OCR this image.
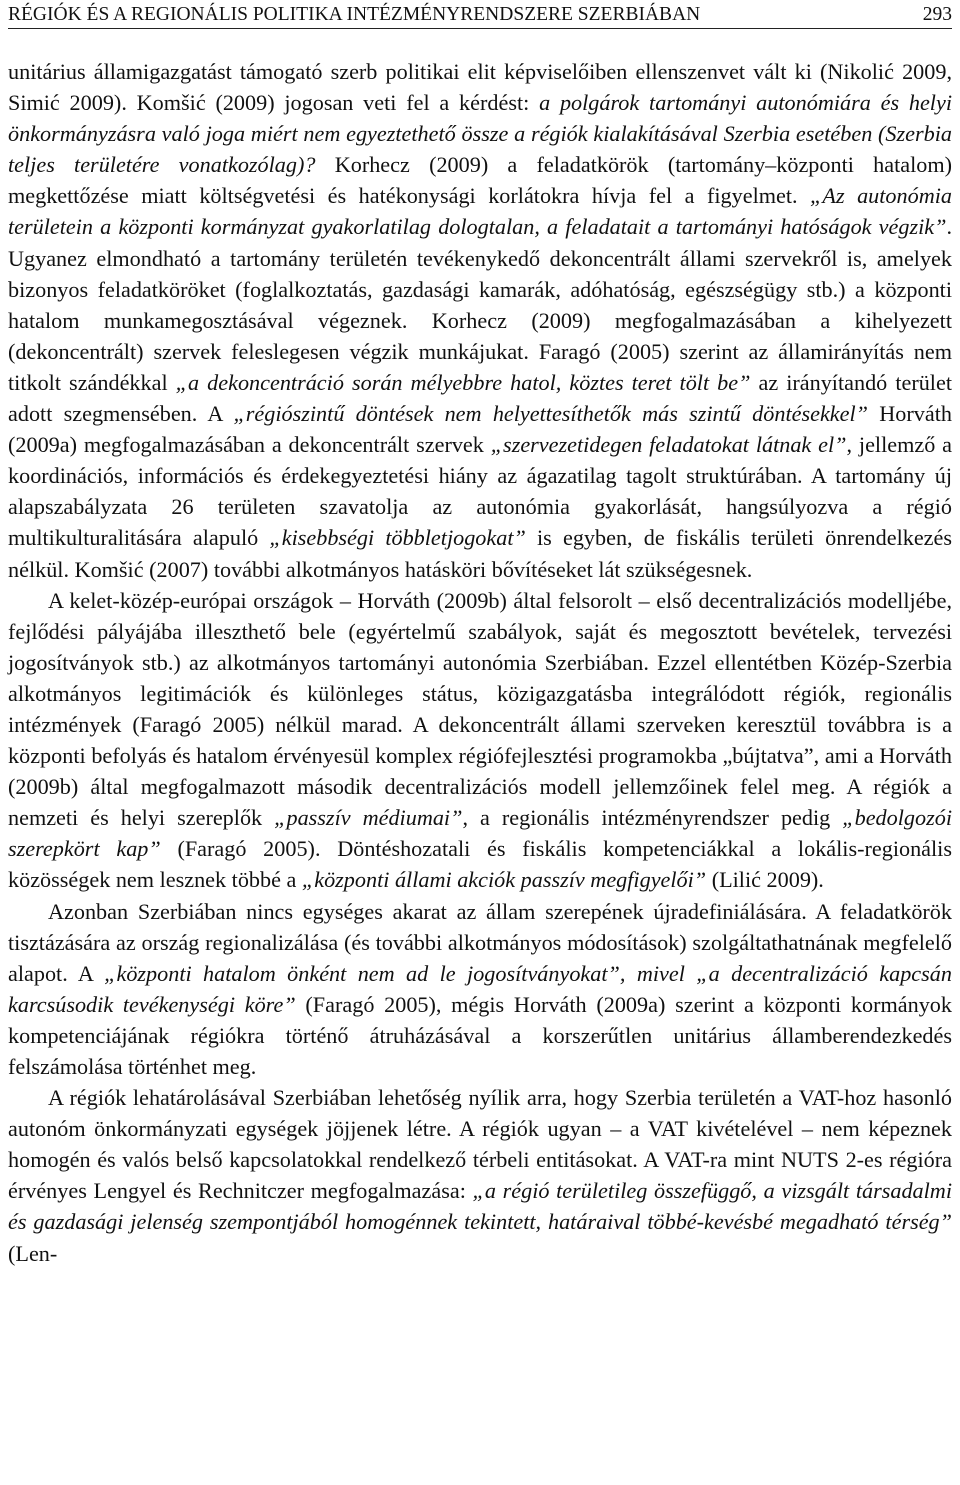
RÉGIÓK ÉS A REGIONÁLIS POLITIKA INTÉZMÉNYRENDSZERE SZERBIÁBAN	293

unitárius államigazgatást támogató szerb politikai elit képviselőiben ellenszenvet vált ki (Nikolić 2009, Simić 2009). Komšić (2009) jogosan veti fel a kérdést: a polgárok tartományi autonómiára és helyi önkormányzásra való joga miért nem egyeztethető össze a régiók kialakításával Szerbia esetében (Szerbia teljes területére vonatkozólag)? Korhecz (2009) a feladatkörök (tartomány–központi hatalom) megkettőzése miatt költségvetési és hatékonysági korlátokra hívja fel a figyelmet. „Az autonómia területein a központi kormányzat gyakorlatilag dologtalan, a feladatait a tartományi hatóságok végzik”. Ugyanez elmondható a tartomány területén tevékenykedő dekoncentrált állami szervekről is, amelyek bizonyos feladatköröket (foglalkoztatás, gazdasági kamarák, adóhatóság, egészségügy stb.) a központi hatalom munkamegosztásával végeznek. Korhecz (2009) megfogalmazásában a kihelyezett (dekoncentrált) szervek feleslegesen végzik munkájukat. Faragó (2005) szerint az államirányítás nem titkolt szándékkal „a dekoncentráció során mélyebbre hatol, köztes teret tölt be” az irányítandó terület adott szegmensében. A „régiószintű döntések nem helyettesíthetők más szintű döntésekkel” Horváth (2009a) megfogalmazásában a dekoncentrált szervek „szervezetidegen feladatokat látnak el”, jellemző a koordinációs, információs és érdekegyeztetési hiány az ágazatilag tagolt struktúrában. A tartomány új alapszabályzata 26 területen szavatolja az autonómia gyakorlását, hangsúlyozva a régió multikulturalitására alapuló „kisebbségi többletjogokat” is egyben, de fiskális területi önrendelkezés nélkül. Komšić (2007) további alkotmányos hatásköri bővítéseket lát szükségesnek.

A kelet-közép-európai országok – Horváth (2009b) által felsorolt – első decentralizációs modelljébe, fejlődési pályájába illeszthető bele (egyértelmű szabályok, saját és megosztott bevételek, tervezési jogosítványok stb.) az alkotmányos tartományi autonómia Szerbiában. Ezzel ellentétben Közép-Szerbia alkotmányos legitimációk és különleges státus, közigazgatásba integrálódott régiók, regionális intézmények (Faragó 2005) nélkül marad. A dekoncentrált állami szerveken keresztül továbbra is a központi befolyás és hatalom érvényesül komplex régiófejlesztési programokba „bújtatva”, ami a Horváth (2009b) által megfogalmazott második decentralizációs modell jellemzőinek felel meg. A régiók a nemzeti és helyi szereplők „passzív médiumai”, a regionális intézményrendszer pedig „bedolgozói szerepkört kap” (Faragó 2005). Döntéshozatali és fiskális kompetenciákkal a lokális-regionális közösségek nem lesznek többé a „központi állami akciók passzív megfigyelői” (Lilić 2009).

Azonban Szerbiában nincs egységes akarat az állam szerepének újradefiniálására. A feladatkörök tisztázására az ország regionalizálása (és további alkotmányos módosítások) szolgáltathatnának megfelelő alapot. A „központi hatalom önként nem ad le jogosítványokat”, mivel „a decentralizáció kapcsán karcsúsodik tevékenységi köre” (Faragó 2005), mégis Horváth (2009a) szerint a központi kormányok kompetenciájának régiókra történő átruházásával a korszerűtlen unitárius államberendezkedés felszámolása történhet meg.

A régiók lehatárolásával Szerbiában lehetőség nyílik arra, hogy Szerbia területén a VAT-hoz hasonló autonóm önkormányzati egységek jöjjenek létre. A régiók ugyan – a VAT kivételével – nem képeznek homogén és valós belső kapcsolatokkal rendelkező térbeli entitásokat. A VAT-ra mint NUTS 2-es régióra érvényes Lengyel és Rechnitczer megfogalmazása: „a régió területileg összefüggő, a vizsgált társadalmi és gazdasági jelenség szempontjából homogénnek tekintett, határaival többé-kevésbé megadható térség” (Len-
